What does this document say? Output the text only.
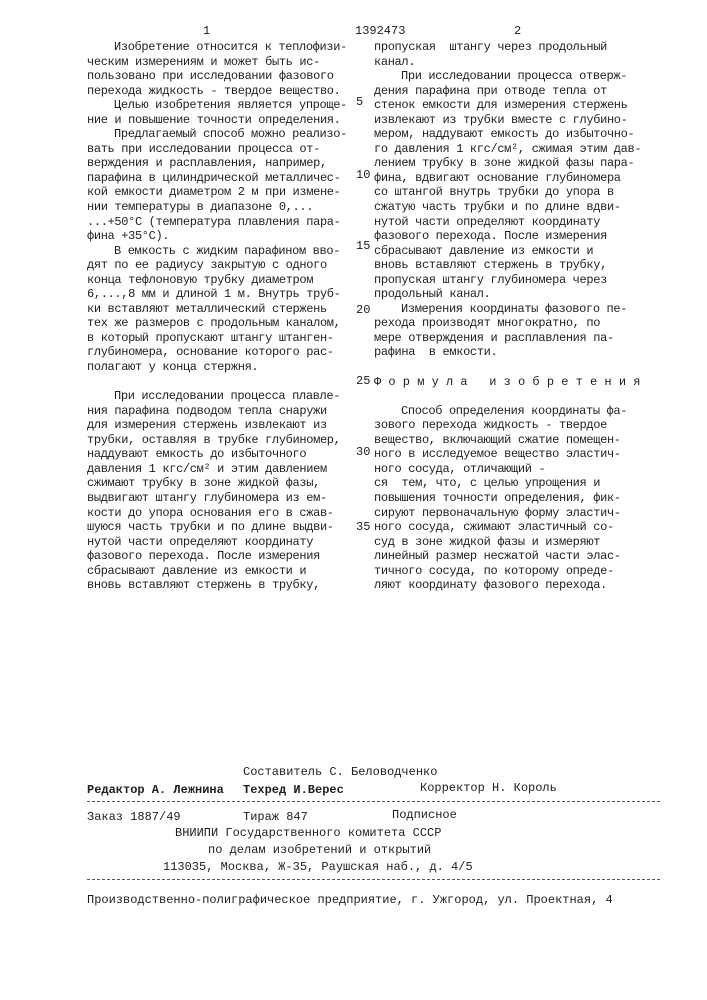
1	1392473	2
Изобретение относится к теплофизи-
ческим измерениям и может быть ис-
пользовано при исследовании фазового
перехода жидкость - твердое вещество.
Целью изобретения является упроще-
ние и повышение точности определения.
Предлагаемый способ можно реализо-
вать при исследовании процесса от-
верждения и расплавления, например,
парафина в цилиндрической металличес-
кой емкости диаметром 2 м при измене-
нии температуры в диапазоне 0,...
...+50°С (температура плавления пара-
фина +35°С).
В емкость с жидким парафином вво-
дят по ее радиусу закрытую с одного
конца тефлоновую трубку диаметром
6,...,8 мм и длиной 1 м. Внутрь труб-
ки вставляют металлический стержень
тех же размеров с продольным каналом,
в который пропускают штангу штанген-
глубиномера, основание которого рас-
полагают у конца стержня.
При исследовании процесса плавле-
ния парафина подводом тепла снаружи
для измерения стержень извлекают из
трубки, оставляя в трубке глубиномер,
наддувают емкость до избыточного
давления 1 кгс/см² и этим давлением
сжимают трубку в зоне жидкой фазы,
выдвигают штангу глубиномера из ем-
кости до упора основания его в сжав-
шуюся часть трубки и по длине выдви-
нутой части определяют координату
фазового перехода. После измерения
сбрасывают давление из емкости и
вновь вставляют стержень в трубку,
пропуская  штангу через продольный
канал.
При исследовании процесса отверж-
дения парафина при отводе тепла от
стенок емкости для измерения стержень
извлекают из трубки вместе с глубино-
мером, наддувают емкость до избыточно-
го давления 1 кгс/см², сжимая этим дав-
лением трубку в зоне жидкой фазы пара-
фина, вдвигают основание глубиномера
со штангой внутрь трубки до упора в
сжатую часть трубки и по длине вдви-
нутой части определяют координату
фазового перехода. После измерения
сбрасывают давление из емкости и
вновь вставляют стержень в трубку,
пропуская штангу глубиномера через
продольный канал.
Измерения координаты фазового пе-
рехода производят многократно, по
мере отверждения и расплавления па-
рафина  в емкости.
Формула изобретения
Способ определения координаты фа-
зового перехода жидкость - твердое
вещество, включающий сжатие помещен-
ного в исследуемое вещество эластич-
ного сосуда, отличающий -
ся  тем, что, с целью упрощения и
повышения точности определения, фик-
сируют первоначальную форму эластич-
ного сосуда, сжимают эластичный со-
суд в зоне жидкой фазы и измеряют
линейный размер несжатой части элас-
тичного сосуда, по которому опреде-
ляют координату фазового перехода.
5
10
15
20
25
30
35
Составитель С. Беловодченко
Редактор А. Лежнина Техред И.Верес	Корректор Н. Король
Заказ 1887/49	Тираж 847	Подписное
ВНИИПИ Государственного комитета СССР
по делам изобретений и открытий
113035, Москва, Ж-35, Раушская наб., д. 4/5
Производственно-полиграфическое предприятие, г. Ужгород, ул. Проектная, 4
